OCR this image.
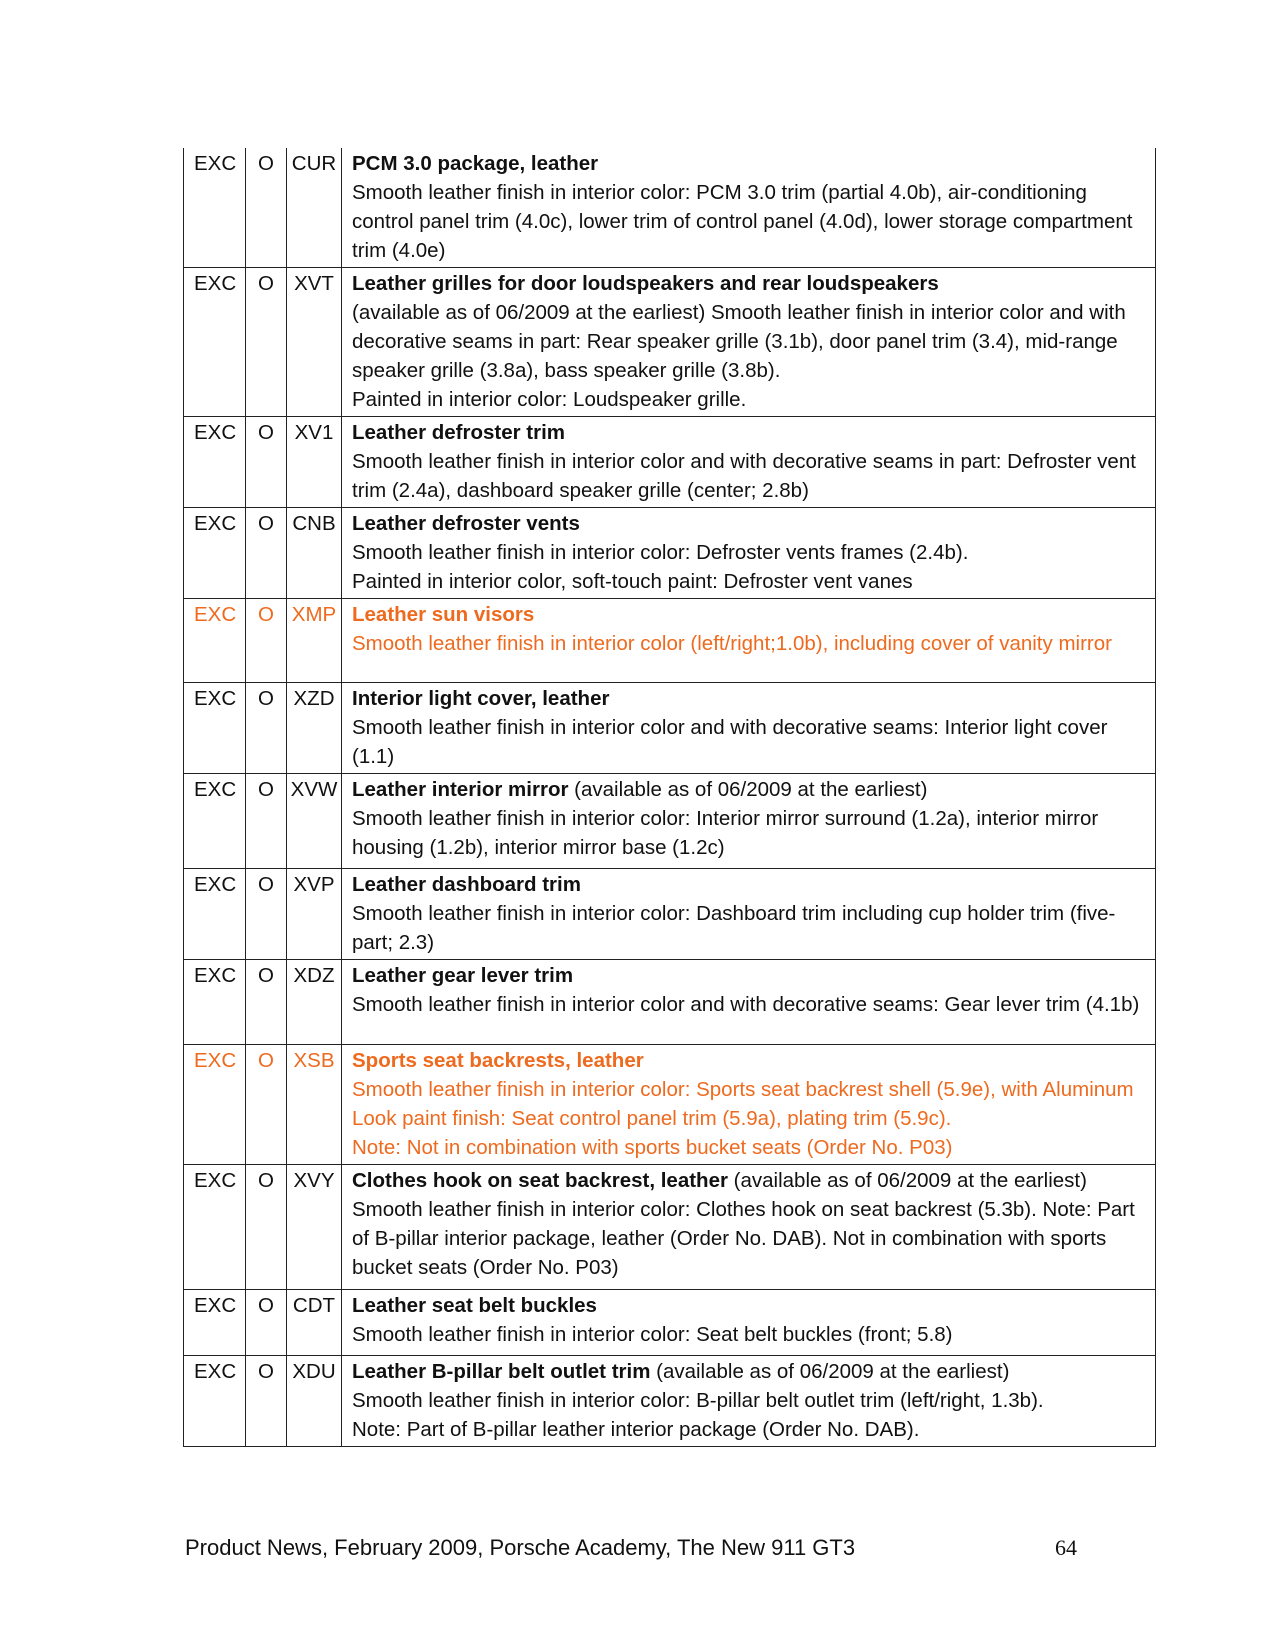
EXC	O	CUR	PCM 3.0 package, leather
Smooth leather finish in interior color: PCM 3.0 trim (partial 4.0b), air-conditioning control panel trim (4.0c), lower trim of control panel (4.0d), lower storage compartment trim (4.0e)

EXC	O	XVT	Leather grilles for door loudspeakers and rear loudspeakers
(available as of 06/2009 at the earliest) Smooth leather finish in interior color and with decorative seams in part: Rear speaker grille (3.1b), door panel trim (3.4), mid-range speaker grille (3.8a), bass speaker grille (3.8b).
Painted in interior color: Loudspeaker grille.

EXC	O	XV1	Leather defroster trim
Smooth leather finish in interior color and with decorative seams in part: Defroster vent trim (2.4a), dashboard speaker grille (center; 2.8b)

EXC	O	CNB	Leather defroster vents
Smooth leather finish in interior color: Defroster vents frames (2.4b).
Painted in interior color, soft-touch paint: Defroster vent vanes

EXC	O	XMP	Leather sun visors
Smooth leather finish in interior color (left/right;1.0b), including cover of vanity mirror

EXC	O	XZD	Interior light cover, leather
Smooth leather finish in interior color and with decorative seams: Interior light cover (1.1)

EXC	O	XVW	Leather interior mirror (available as of 06/2009 at the earliest)
Smooth leather finish in interior color: Interior mirror surround (1.2a), interior mirror housing (1.2b), interior mirror base (1.2c)

EXC	O	XVP	Leather dashboard trim
Smooth leather finish in interior color: Dashboard trim including cup holder trim (five-part; 2.3)

EXC	O	XDZ	Leather gear lever trim
Smooth leather finish in interior color and with decorative seams: Gear lever trim (4.1b)

EXC	O	XSB	Sports seat backrests, leather
Smooth leather finish in interior color: Sports seat backrest shell (5.9e), with Aluminum Look paint finish: Seat control panel trim (5.9a), plating trim (5.9c).
Note: Not in combination with sports bucket seats (Order No. P03)

EXC	O	XVY	Clothes hook on seat backrest, leather (available as of 06/2009 at the earliest) Smooth leather finish in interior color: Clothes hook on seat backrest (5.3b). Note: Part of B-pillar interior package, leather (Order No. DAB). Not in combination with sports bucket seats (Order No. P03)

EXC	O	CDT	Leather seat belt buckles
Smooth leather finish in interior color: Seat belt buckles (front; 5.8)

EXC	O	XDU	Leather B-pillar belt outlet trim (available as of 06/2009 at the earliest)
Smooth leather finish in interior color: B-pillar belt outlet trim (left/right, 1.3b).
Note: Part of B-pillar leather interior package (Order No. DAB).
Product News, February 2009, Porsche Academy, The New 911 GT3	64
